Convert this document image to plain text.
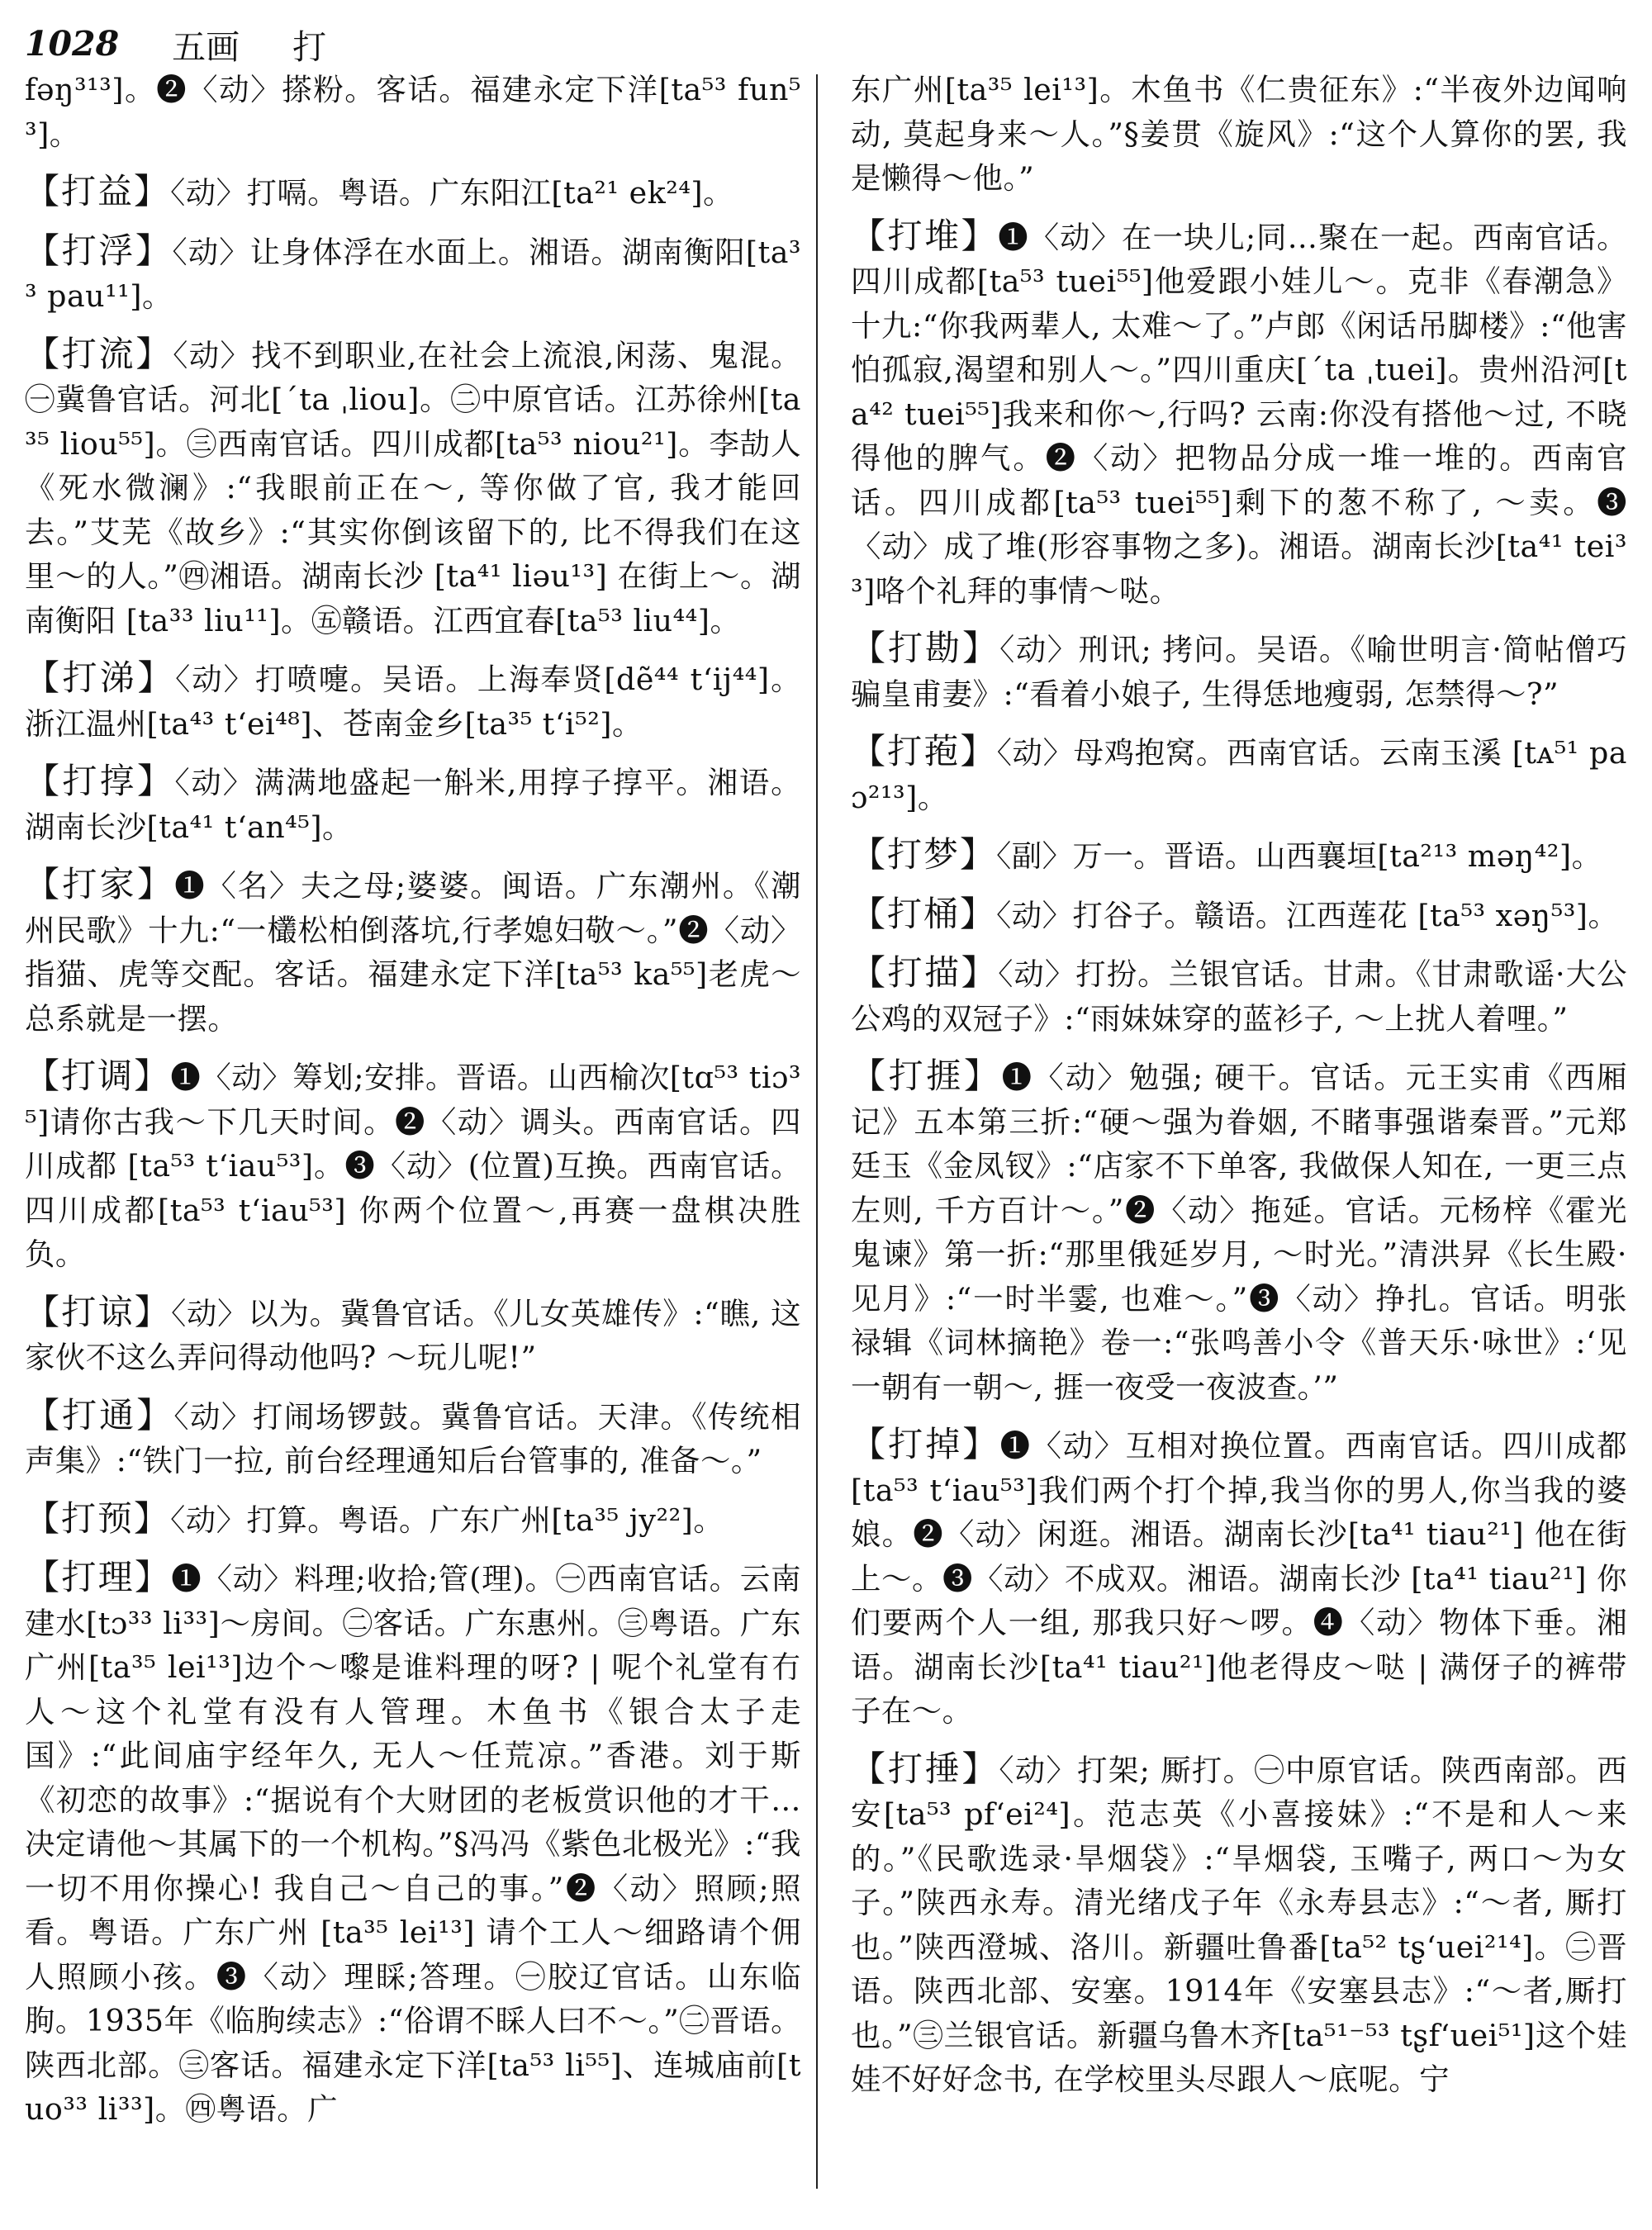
1028 五画 打

fəŋ³¹³]。❷〈动〉搽粉。客话。福建永定下洋[ta⁵³ fun⁵³]。

【打益】〈动〉打嗝。粤语。广东阳江[ta²¹ ek²⁴]。

【打浮】〈动〉让身体浮在水面上。湘语。湖南衡阳[ta³³ pau¹¹]。

【打流】〈动〉找不到职业,在社会上流浪,闲荡、鬼混。㊀冀鲁官话。河北[ˊta ˌliou]。㊁中原官话。江苏徐州[ta³⁵ liou⁵⁵]。㊂西南官话。四川成都[ta⁵³ niou²¹]。李劼人《死水微澜》:“我眼前正在～, 等你做了官, 我才能回去。”艾芜《故乡》:“其实你倒该留下的, 比不得我们在这里～的人。”㊃湘语。湖南长沙 [ta⁴¹ liəu¹³] 在街上～。湖南衡阳 [ta³³ liu¹¹]。㊄赣语。江西宜春[ta⁵³ liu⁴⁴]。

【打涕】〈动〉打喷嚏。吴语。上海奉贤[dẽ⁴⁴ tʻij⁴⁴]。浙江温州[ta⁴³ tʻei⁴⁸]、苍南金乡[ta³⁵ tʻi⁵²]。

【打㨃】〈动〉满满地盛起一斛米,用㨃子㨃平。湘语。湖南长沙[ta⁴¹ tʻan⁴⁵]。

【打家】❶〈名〉夫之母;婆婆。闽语。广东潮州。《潮州民歌》十九:“一欉松柏倒落坑,行孝媳妇敬～。”❷〈动〉指猫、虎等交配。客话。福建永定下洋[ta⁵³ ka⁵⁵]老虎～总系就是一摆。

【打调】❶〈动〉筹划;安排。晋语。山西榆次[tɑ⁵³ tiɔ³⁵]请你古我～下几天时间。❷〈动〉调头。西南官话。四川成都 [ta⁵³ tʻiau⁵³]。❸〈动〉(位置)互换。西南官话。四川成都[ta⁵³ tʻiau⁵³] 你两个位置～,再赛一盘棋决胜负。

【打谅】〈动〉以为。冀鲁官话。《儿女英雄传》:“瞧, 这家伙不这么弄问得动他吗? ～玩儿呢!”

【打通】〈动〉打闹场锣鼓。冀鲁官话。天津。《传统相声集》:“铁门一拉, 前台经理通知后台管事的, 准备～。”

【打预】〈动〉打算。粤语。广东广州[ta³⁵ jy²²]。

【打理】❶〈动〉料理;收拾;管(理)。㊀西南官话。云南建水[tɔ³³ li³³]～房间。㊁客话。广东惠州。㊂粤语。广东广州[ta³⁵ lei¹³]边个～嚟是谁料理的呀? | 呢个礼堂有冇人～这个礼堂有没有人管理。木鱼书《银合太子走国》:“此间庙宇经年久, 无人～任荒凉。”香港。刘于斯《初恋的故事》:“据说有个大财团的老板赏识他的才干…决定请他～其属下的一个机构。”§冯冯《紫色北极光》:“我一切不用你操心! 我自己～自己的事。”❷〈动〉照顾;照看。粤语。广东广州 [ta³⁵ lei¹³] 请个工人～细路请个佣人照顾小孩。❸〈动〉理睬;答理。㊀胶辽官话。山东临朐。1935年《临朐续志》:“俗谓不睬人曰不～。”㊁晋语。陕西北部。㊂客话。福建永定下洋[ta⁵³ li⁵⁵]、连城庙前[tuo³³ li³³]。㊃粤语。广

东广州[ta³⁵ lei¹³]。木鱼书《仁贵征东》:“半夜外边闻响动, 莫起身来～人。”§姜贯《旋风》:“这个人算你的罢, 我是懒得～他。”

【打堆】❶〈动〉在一块儿;同…聚在一起。西南官话。四川成都[ta⁵³ tuei⁵⁵]他爱跟小娃儿～。克非《春潮急》十九:“你我两辈人, 太难～了。”卢郎《闲话吊脚楼》:“他害怕孤寂,渴望和别人～。”四川重庆[ˊta ˌtuei]。贵州沿河[ta⁴² tuei⁵⁵]我来和你～,行吗? 云南:你没有搭他～过, 不晓得他的脾气。❷〈动〉把物品分成一堆一堆的。西南官话。四川成都[ta⁵³ tuei⁵⁵]剩下的葱不称了, ～卖。❸〈动〉成了堆(形容事物之多)。湘语。湖南长沙[ta⁴¹ tei³³]咯个礼拜的事情～哒。

【打勘】〈动〉刑讯; 拷问。吴语。《喻世明言·简帖僧巧骗皇甫妻》:“看着小娘子, 生得恁地瘦弱, 怎禁得～?”

【打菢】〈动〉母鸡抱窝。西南官话。云南玉溪 [tᴀ⁵¹ paɔ²¹³]。

【打梦】〈副〉万一。晋语。山西襄垣[ta²¹³ məŋ⁴²]。

【打桶】〈动〉打谷子。赣语。江西莲花 [ta⁵³ xəŋ⁵³]。

【打描】〈动〉打扮。兰银官话。甘肃。《甘肃歌谣·大公公鸡的双冠子》:“雨妹妹穿的蓝衫子, ～上扰人着哩。”

【打捱】❶〈动〉勉强; 硬干。官话。元王实甫《西厢记》五本第三折:“硬～强为眷姻, 不睹事强谐秦晋。”元郑廷玉《金凤钗》:“店家不下单客, 我做保人知在, 一更三点左则, 千方百计～。”❷〈动〉拖延。官话。元杨梓《霍光鬼谏》第一折:“那里俄延岁月, ～时光。”清洪昇《长生殿·见月》:“一时半霎, 也难～。”❸〈动〉挣扎。官话。明张禄辑《词林摘艳》卷一:“张鸣善小令《普天乐·咏世》:‘见一朝有一朝～, 捱一夜受一夜波查。’”

【打掉】❶〈动〉互相对换位置。西南官话。四川成都[ta⁵³ tʻiau⁵³]我们两个打个掉,我当你的男人,你当我的婆娘。❷〈动〉闲逛。湘语。湖南长沙[ta⁴¹ tiau²¹] 他在街上～。❸〈动〉不成双。湘语。湖南长沙 [ta⁴¹ tiau²¹] 你们要两个人一组, 那我只好～啰。❹〈动〉物体下垂。湘语。湖南长沙[ta⁴¹ tiau²¹]他老得皮～哒 | 满伢子的裤带子在～。

【打捶】〈动〉打架; 厮打。㊀中原官话。陕西南部。西安[ta⁵³ pfʻei²⁴]。范志英《小喜接妹》:“不是和人～来的。”《民歌选录·旱烟袋》:“旱烟袋, 玉嘴子, 两口～为女子。”陕西永寿。清光绪戊子年《永寿县志》:“～者, 厮打也。”陕西澄城、洛川。新疆吐鲁番[ta⁵² tʂʻuei²¹⁴]。㊁晋语。陕西北部、安塞。1914年《安塞县志》:“～者,厮打也。”㊂兰银官话。新疆乌鲁木齐[ta⁵¹⁻⁵³ tʂfʻuei⁵¹]这个娃娃不好好念书, 在学校里头尽跟人～底呢。宁
